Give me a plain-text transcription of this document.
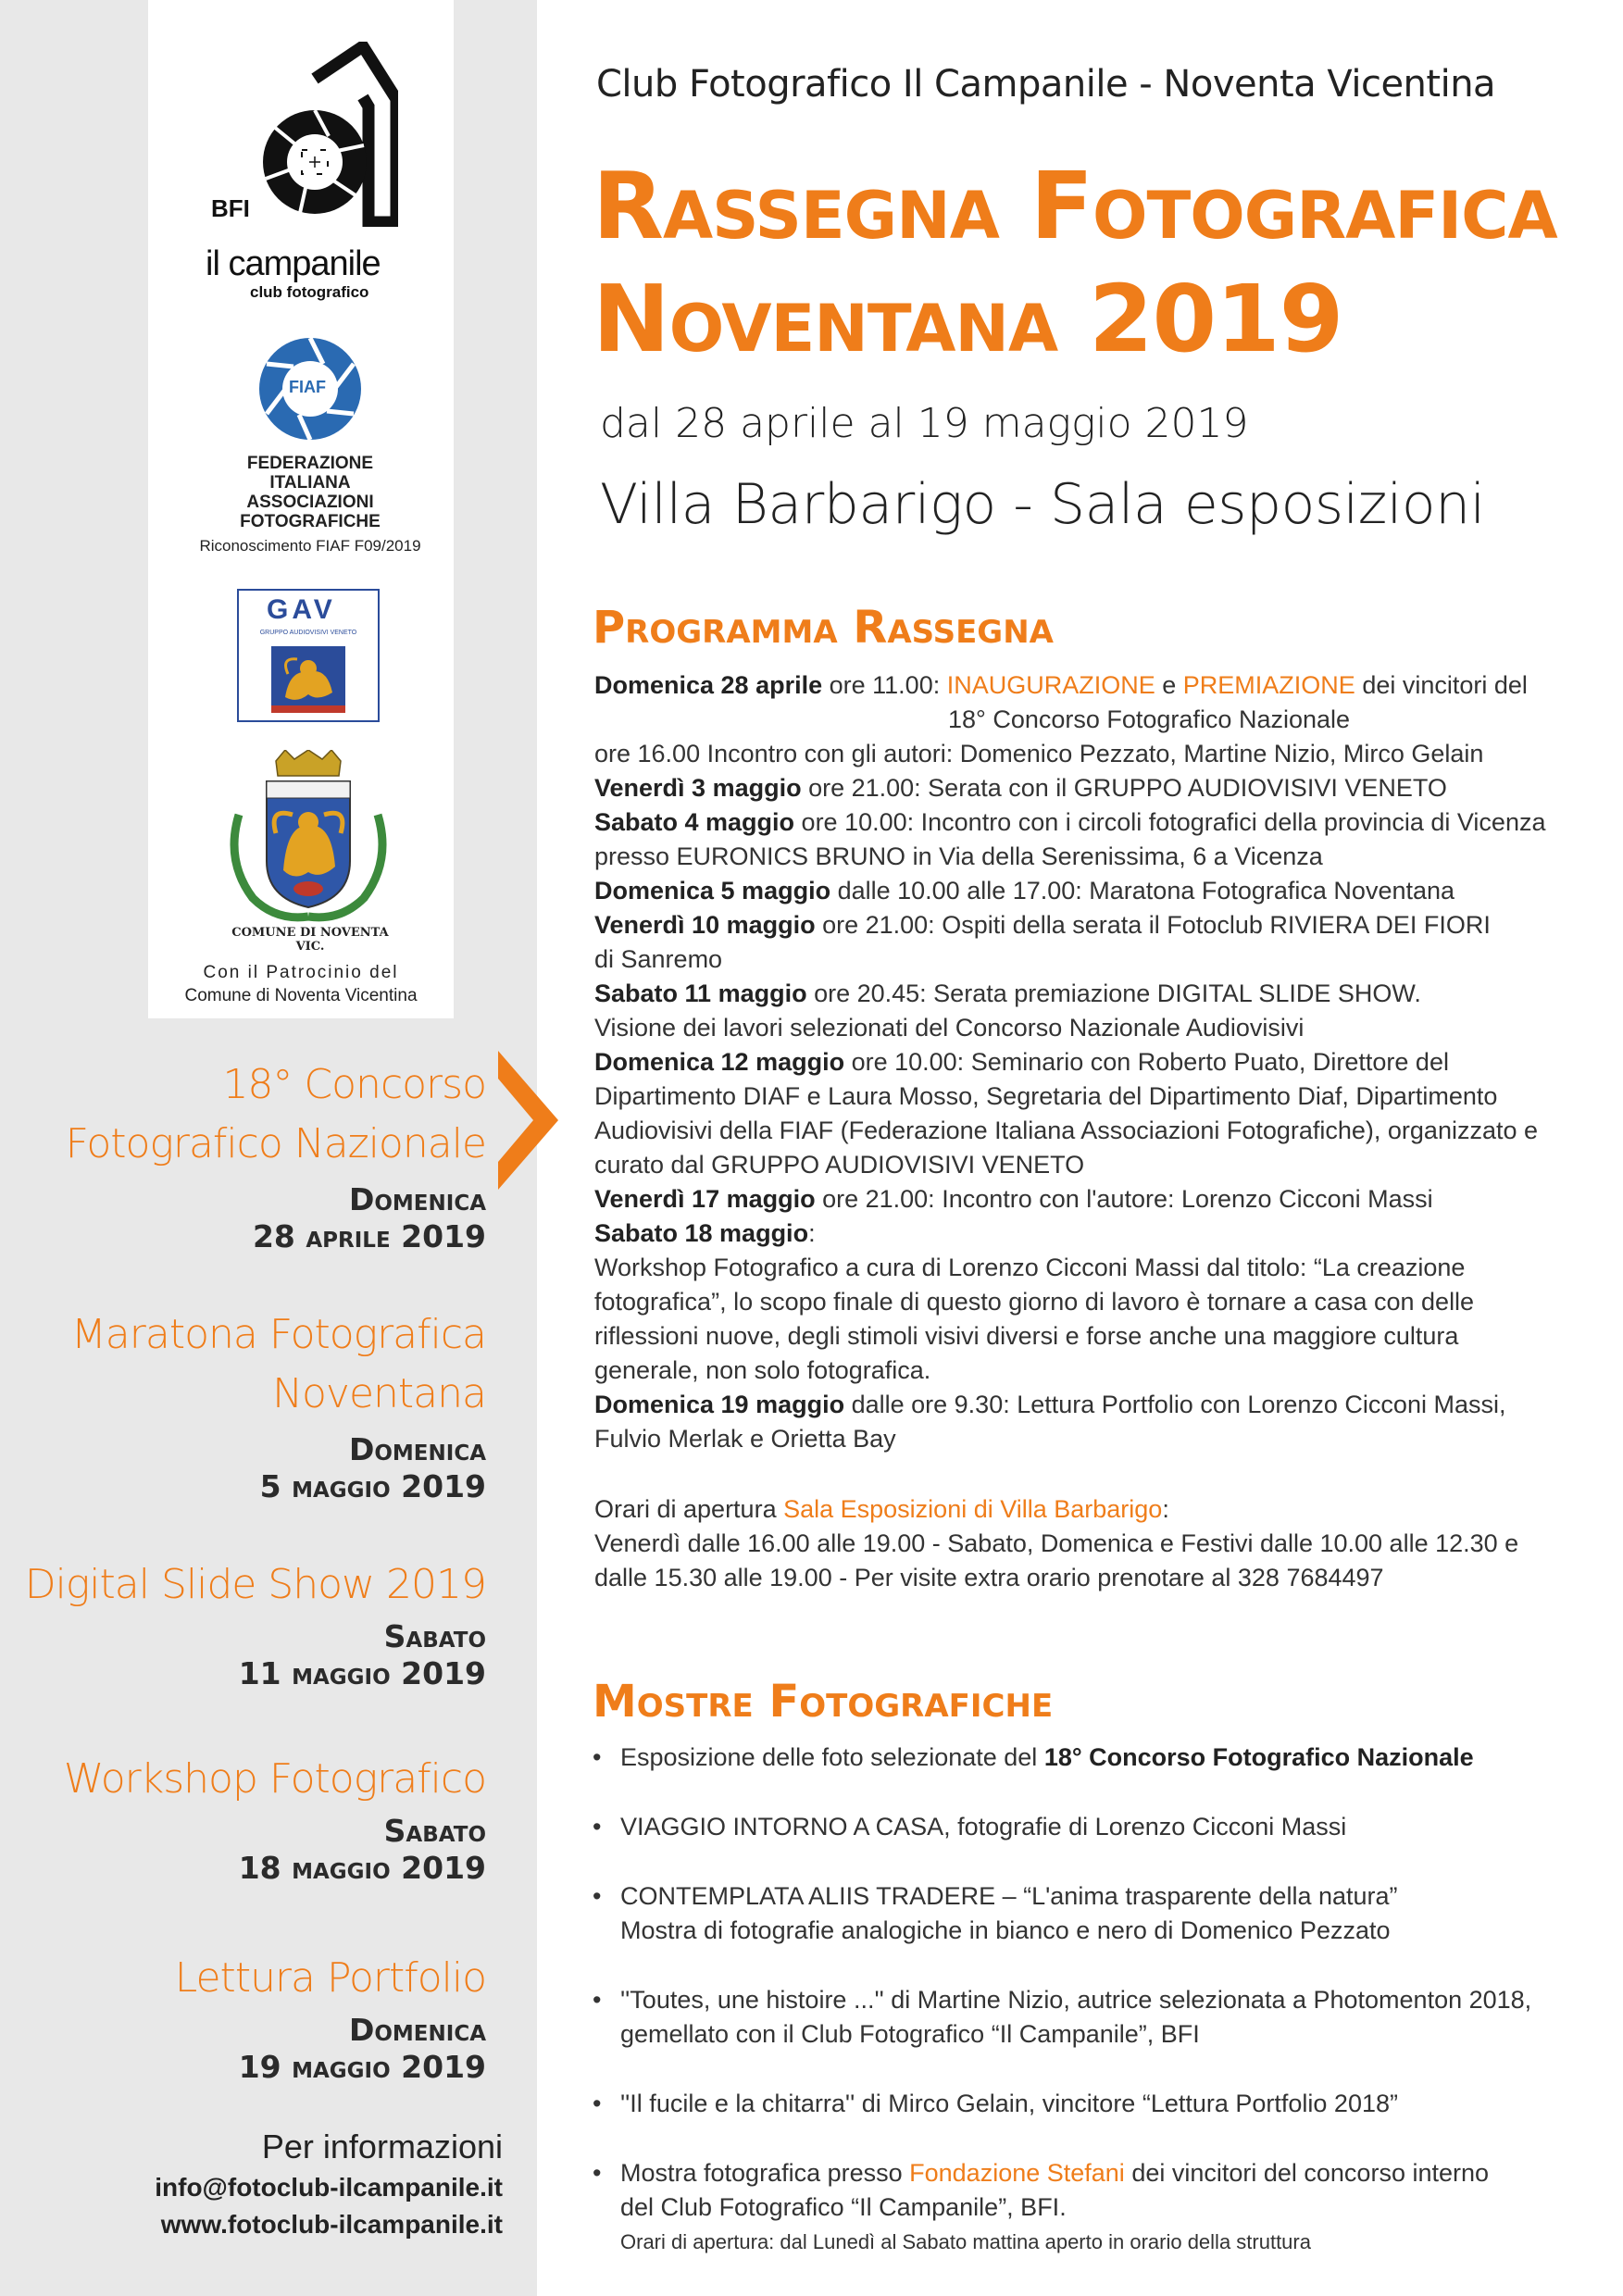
BFI
il campanile
club fotografico
FIAF
FEDERAZIONE
ITALIANA
ASSOCIAZIONI
FOTOGRAFICHE
Riconoscimento FIAF F09/2019
GAV
GRUPPO AUDIOVISIVI VENETO
COMUNE DI NOVENTA VIC.
Con il Patrocinio del
Comune di Noventa Vicentina
18° Concorso
Fotografico Nazionale
Domenica
28 aprile 2019
Maratona Fotografica
Noventana
Domenica
5 maggio 2019
Digital Slide Show 2019
Sabato
11 maggio 2019
Workshop Fotografico
Sabato
18 maggio 2019
Lettura Portfolio
Domenica
19 maggio 2019
Per informazioni
info@fotoclub-ilcampanile.it
www.fotoclub-ilcampanile.it
Club Fotografico Il Campanile - Noventa Vicentina
Rassegna Fotografica
Noventana 2019
dal 28 aprile al 19 maggio 2019
Villa Barbarigo - Sala esposizioni
Programma Rassegna

Domenica 28 aprile ore 11.00: INAUGURAZIONE e PREMIAZIONE dei vincitori del

18° Concorso Fotografico Nazionale

ore 16.00 Incontro con gli autori: Domenico Pezzato, Martine Nizio, Mirco Gelain

Venerdì 3 maggio ore 21.00: Serata con il GRUPPO AUDIOVISIVI VENETO

Sabato 4 maggio ore 10.00: Incontro con i circoli fotografici della provincia di Vicenza

presso EURONICS BRUNO in Via della Serenissima, 6 a Vicenza

Domenica 5 maggio dalle 10.00 alle 17.00: Maratona Fotografica Noventana

Venerdì 10 maggio ore 21.00: Ospiti della serata il Fotoclub RIVIERA DEI FIORI

di Sanremo

Sabato 11 maggio ore 20.45: Serata premiazione DIGITAL SLIDE SHOW.

Visione dei lavori selezionati del Concorso Nazionale Audiovisivi

Domenica 12 maggio ore 10.00: Seminario con Roberto Puato, Direttore del

Dipartimento DIAF e Laura Mosso, Segretaria del Dipartimento Diaf, Dipartimento

Audiovisivi della FIAF (Federazione Italiana Associazioni Fotografiche), organizzato e

curato dal GRUPPO AUDIOVISIVI VENETO

Venerdì 17 maggio ore 21.00: Incontro con l'autore: Lorenzo Cicconi Massi

Sabato 18 maggio:

Workshop Fotografico a cura di Lorenzo Cicconi Massi dal titolo: “La creazione

fotografica”, lo scopo finale di questo giorno di lavoro è tornare a casa con delle

riflessioni nuove, degli stimoli visivi diversi e forse anche una maggiore cultura

generale, non solo fotografica.

Domenica 19 maggio dalle ore 9.30: Lettura Portfolio con Lorenzo Cicconi Massi,

Fulvio Merlak e Orietta Bay

Orari di apertura Sala Esposizioni di Villa Barbarigo:

Venerdì dalle 16.00 alle 19.00 - Sabato, Domenica e Festivi dalle 10.00 alle 12.30 e

dalle 15.30 alle 19.00 - Per visite extra orario prenotare al 328 7684497

Mostre Fotografiche

• Esposizione delle foto selezionate del 18° Concorso Fotografico Nazionale

• VIAGGIO INTORNO A CASA, fotografie di Lorenzo Cicconi Massi

• CONTEMPLATA ALIIS TRADERE – “L'anima trasparente della natura”

Mostra di fotografie analogiche in bianco e nero di Domenico Pezzato

• ''Toutes, une histoire ...'' di Martine Nizio, autrice selezionata a Photomenton 2018,

gemellato con il Club Fotografico “Il Campanile”, BFI

• ''Il fucile e la chitarra'' di Mirco Gelain, vincitore “Lettura Portfolio 2018”

• Mostra fotografica presso Fondazione Stefani dei vincitori del concorso interno

del Club Fotografico “Il Campanile”, BFI.

Orari di apertura: dal Lunedì al Sabato mattina aperto in orario della struttura
